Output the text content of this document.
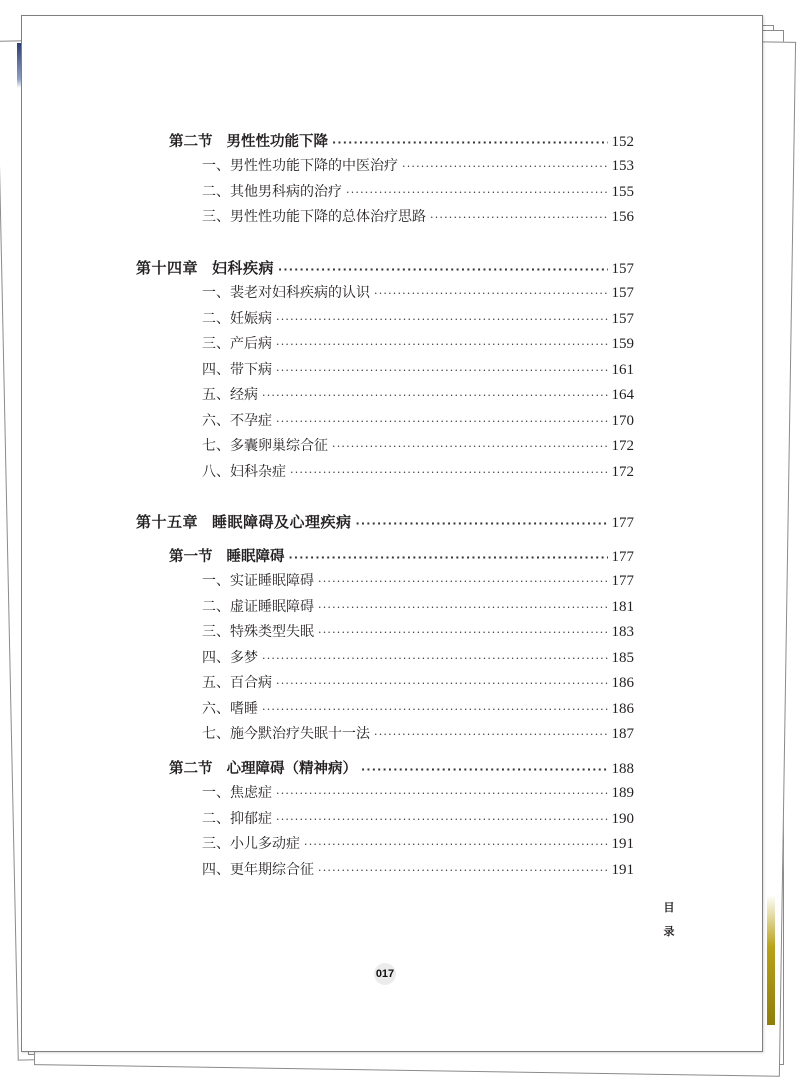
第二节 男性性功能下降 ·····	152
一、男性性功能下降的中医治疗 ·····	153
二、其他男科病的治疗 ·····	155
三、男性性功能下降的总体治疗思路 ·····	156
第十四章 妇科疾病 ·····	157
一、裴老对妇科疾病的认识 ·····	157
二、妊娠病 ·····	157
三、产后病 ·····	159
四、带下病 ·····	161
五、经病 ·····	164
六、不孕症 ·····	170
七、多囊卵巢综合征 ·····	172
八、妇科杂症 ·····	172
第十五章 睡眠障碍及心理疾病 ·····	177
第一节 睡眠障碍 ·····	177
一、实证睡眠障碍 ·····	177
二、虚证睡眠障碍 ·····	181
三、特殊类型失眠 ·····	183
四、多梦 ·····	185
五、百合病 ·····	186
六、嗜睡 ·····	186
七、施今默治疗失眠十一法 ·····	187
第二节 心理障碍（精神病） ·····	188
一、焦虑症 ·····	189
二、抑郁症 ·····	190
三、小儿多动症 ·····	191
四、更年期综合征 ·····	191
目
录
017
